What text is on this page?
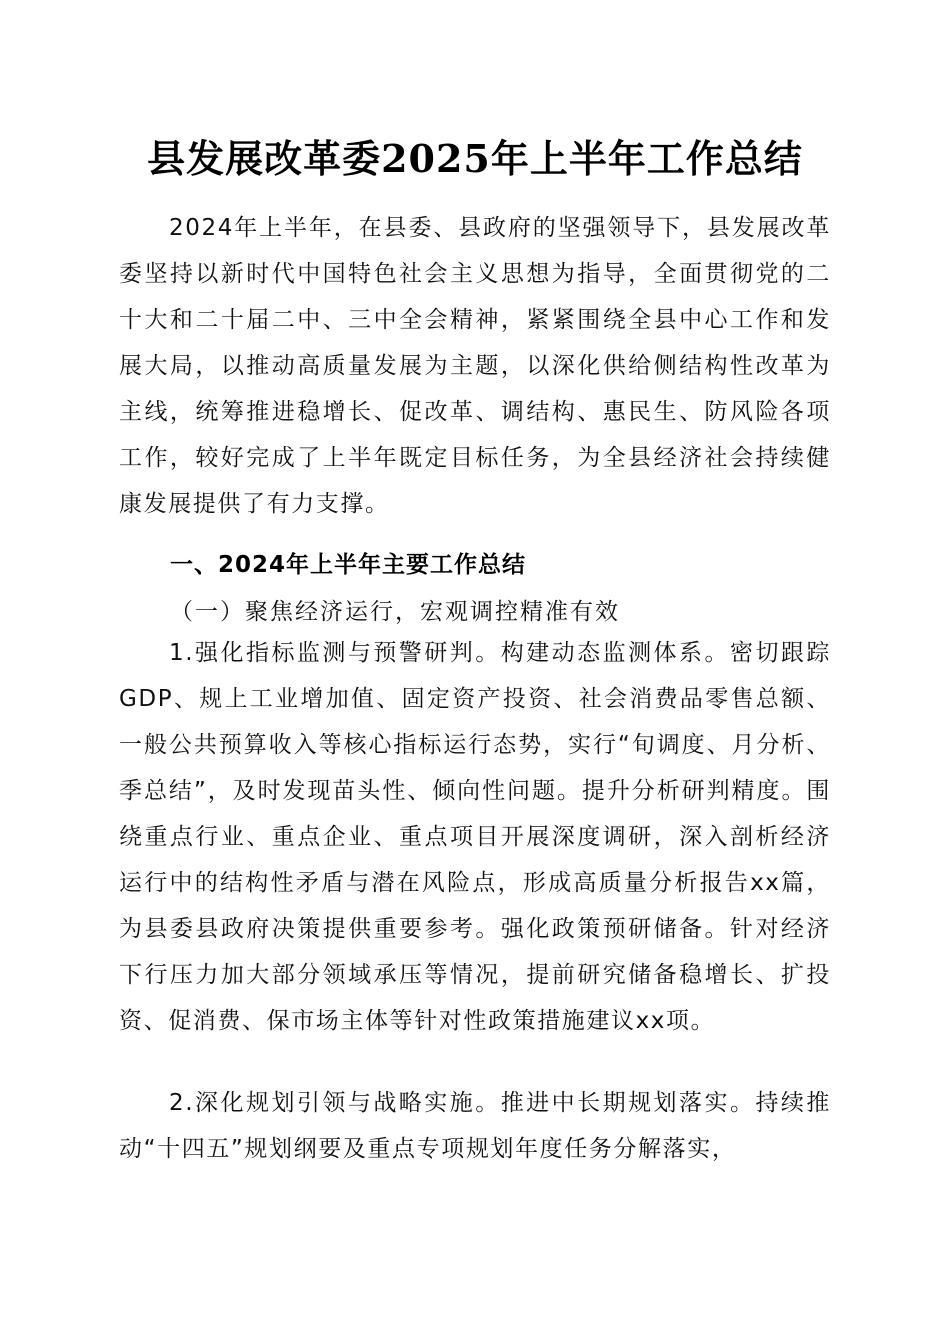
县发展改革委2025年上半年工作总结

2024年上半年，在县委、县政府的坚强领导下，县发展改革委坚持以新时代中国特色社会主义思想为指导，全面贯彻党的二十大和二十届二中、三中全会精神，紧紧围绕全县中心工作和发展大局，以推动高质量发展为主题，以深化供给侧结构性改革为主线，统筹推进稳增长、促改革、调结构、惠民生、防风险各项工作，较好完成了上半年既定目标任务，为全县经济社会持续健康发展提供了有力支撑。

一、2024年上半年主要工作总结
（一）聚焦经济运行，宏观调控精准有效

1.强化指标监测与预警研判。构建动态监测体系。密切跟踪GDP、规上工业增加值、固定资产投资、社会消费品零售总额、一般公共预算收入等核心指标运行态势，实行“旬调度、月分析、季总结”，及时发现苗头性、倾向性问题。提升分析研判精度。围绕重点行业、重点企业、重点项目开展深度调研，深入剖析经济运行中的结构性矛盾与潜在风险点，形成高质量分析报告xx篇，为县委县政府决策提供重要参考。强化政策预研储备。针对经济下行压力加大部分领域承压等情况，提前研究储备稳增长、扩投资、促消费、保市场主体等针对性政策措施建议xx项。

2.深化规划引领与战略实施。推进中长期规划落实。持续推动“十四五”规划纲要及重点专项规划年度任务分解落实，
